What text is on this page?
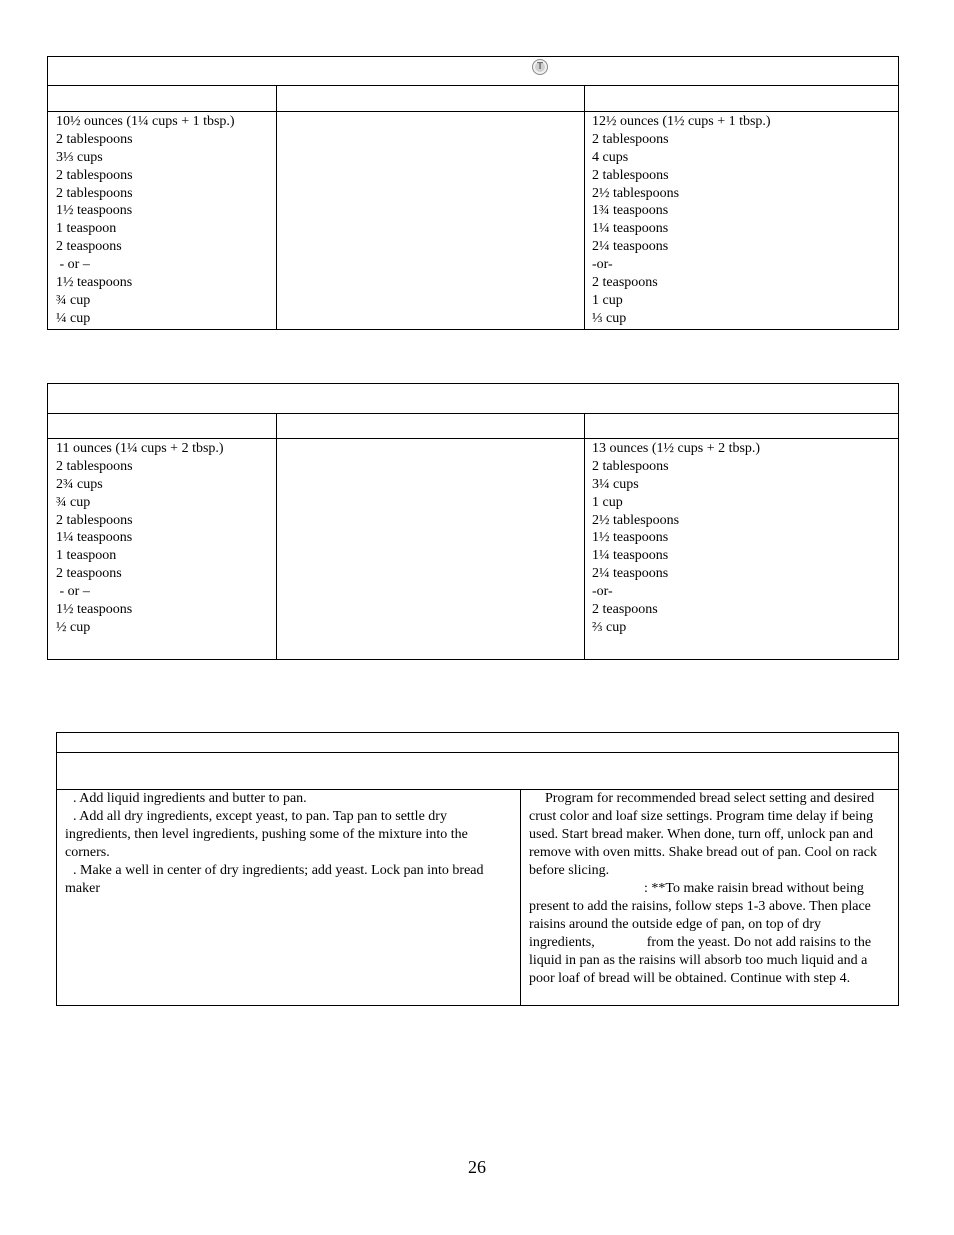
T
10½ ounces (1¼ cups + 1 tbsp.)
2 tablespoons
3⅓ cups
2 tablespoons
2 tablespoons
1½ teaspoons
1 teaspoon
2 teaspoons
- or –
1½ teaspoons
¾ cup
¼ cup
12½ ounces (1½ cups + 1 tbsp.)
2 tablespoons
4 cups
2 tablespoons
2½ tablespoons
1¾ teaspoons
1¼ teaspoons
2¼ teaspoons
-or-
2 teaspoons
1 cup
⅓ cup
11 ounces (1¼ cups + 2 tbsp.)
2 tablespoons
2¾ cups
¾ cup
2 tablespoons
1¼ teaspoons
1 teaspoon
2 teaspoons
- or –
1½ teaspoons
½ cup
13 ounces (1½ cups + 2 tbsp.)
2 tablespoons
3¼ cups
1 cup
2½ tablespoons
1½ teaspoons
1¼ teaspoons
2¼ teaspoons
-or-
2 teaspoons
⅔ cup

. Add liquid ingredients and butter to pan.

. Add all dry ingredients, except yeast, to pan. Tap pan to settle dry ingredients, then level ingredients, pushing some of the mixture into the corners.

. Make a well in center of dry ingredients; add yeast. Lock pan into bread maker

Program for recommended bread select setting and desired crust color and loaf size settings. Program time delay if being used. Start bread maker. When done, turn off, unlock pan and remove with oven mitts. Shake bread out of pan. Cool on rack before slicing.

: **To make raisin bread without being present to add the raisins, follow steps 1-3 above. Then place raisins around the outside edge of pan, on top of dry ingredients,	from the yeast. Do not add raisins to the liquid in pan as the raisins will absorb too much liquid and a poor loaf of bread will be obtained. Continue with step 4.

26
